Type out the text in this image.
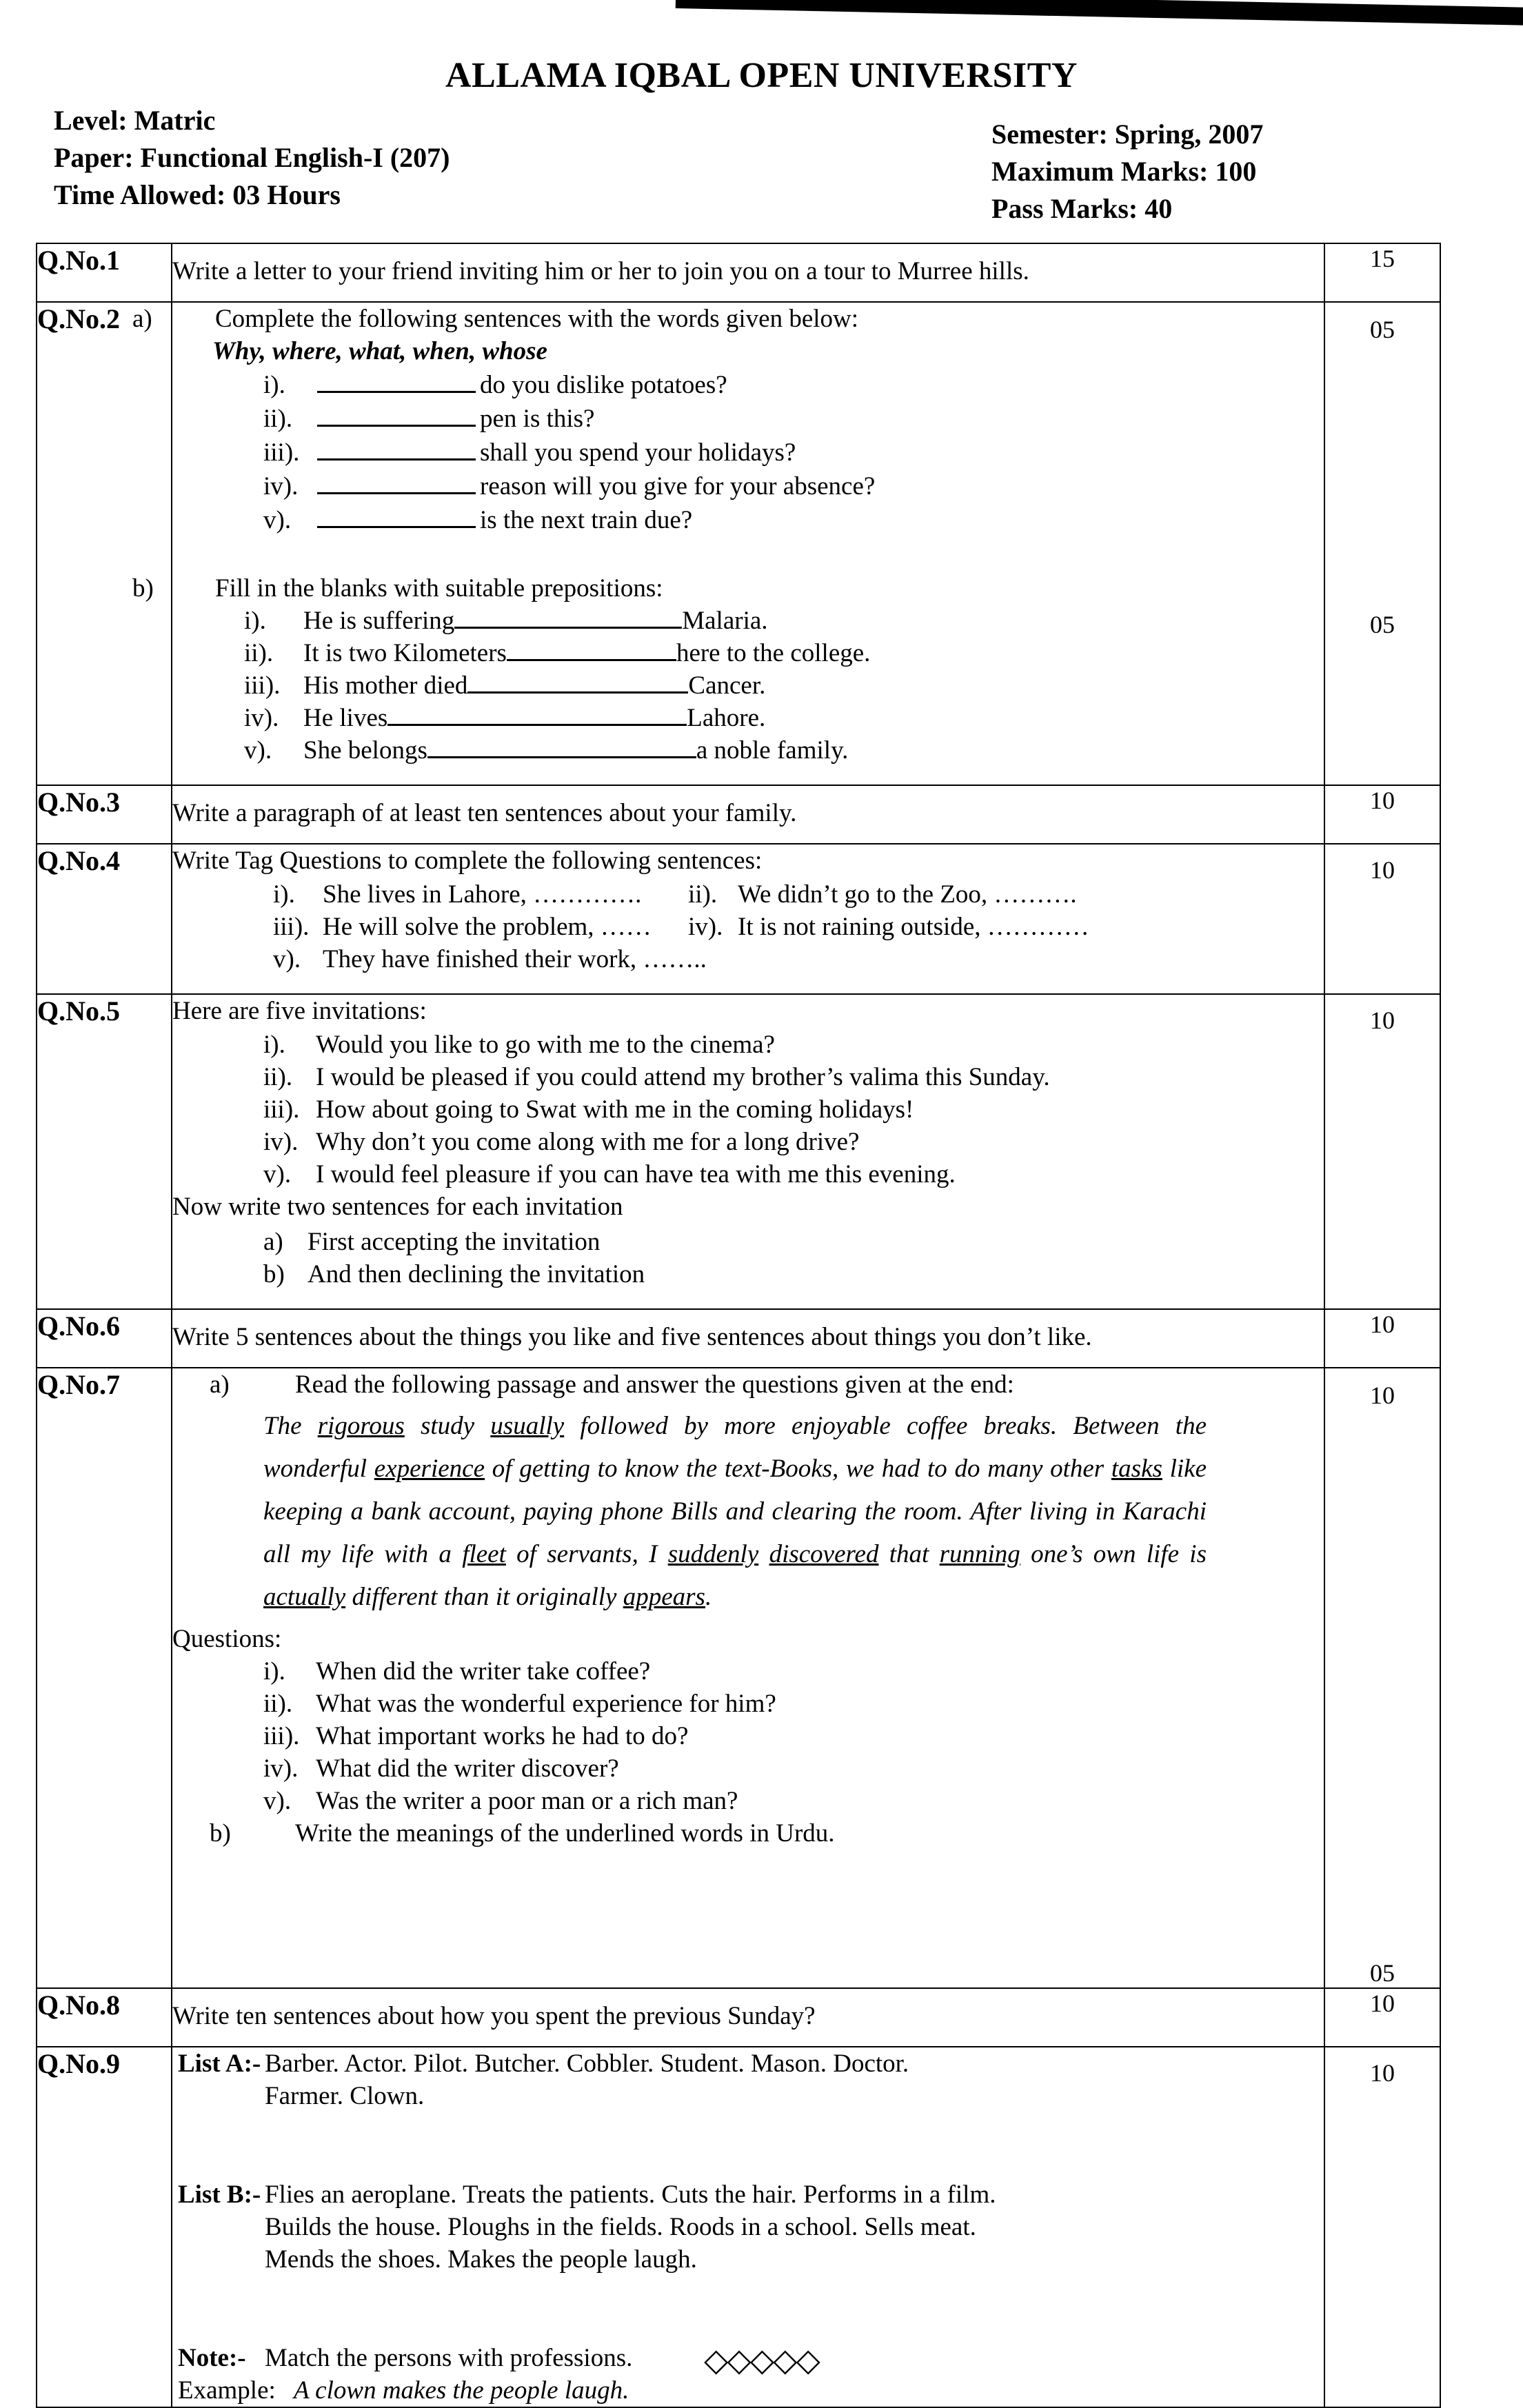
ALLAMA IQBAL OPEN UNIVERSITY
Level: Matric
Paper: Functional English-I (207)
Time Allowed: 03 Hours
Semester: Spring, 2007
Maximum Marks: 100
Pass Marks: 40
Q.No.1	Write a letter to your friend inviting him or her to join you on a tour to Murree hills.	15
Q.No.2	a) Complete the following sentences with the words given below:
Why, where, what, when, whose
i).	do you dislike potatoes?
ii).	pen is this?
iii).	shall you spend your holidays?
iv).	reason will you give for your absence?
v).	is the next train due?
b) Fill in the blanks with suitable prepositions:
i). He is suffering	Malaria.
ii). It is two Kilometers	here to the college.
iii). His mother died	Cancer.
iv). He lives	Lahore.
v). She belongs	a noble family.

05
05

Q.No.3	Write a paragraph of at least ten sentences about your family.	10
Q.No.4	Write Tag Questions to complete the following sentences:
i). She lives in Lahore, …………. ii). We didn’t go to the Zoo, ……….
iii). He will solve the problem, …… iv). It is not raining outside, …………
v). They have finished their work, ……..	10
Q.No.5	Here are five invitations:
i). Would you like to go with me to the cinema?
ii). I would be pleased if you could attend my brother’s valima this Sunday.
iii). How about going to Swat with me in the coming holidays!
iv). Why don’t you come along with me for a long drive?
v). I would feel pleasure if you can have tea with me this evening.
Now write two sentences for each invitation
a) First accepting the invitation
b) And then declining the invitation
	10
Q.No.6	Write 5 sentences about the things you like and five sentences about things you don’t like.	10
Q.No.7	a)	Read the following passage and answer the questions given at the end:
The rigorous study usually followed by more enjoyable coffee breaks. Between the wonderful experience of getting to know the text-Books, we had to do many other tasks like keeping a bank account, paying phone Bills and clearing the room. After living in Karachi all my life with a fleet of servants, I suddenly discovered that running one’s own life is actually different than it originally appears.
Questions:
i). When did the writer take coffee?
ii). What was the wonderful experience for him?
iii). What important works he had to do?
iv). What did the writer discover?
v). Was the writer a poor man or a rich man?
b)	Write the meanings of the underlined words in Urdu.

10
05

Q.No.8	Write ten sentences about how you spent the previous Sunday?	10
Q.No.9	List A:- Barber. Actor. Pilot. Butcher. Cobbler. Student. Mason. Doctor.
Farmer. Clown.
List B:- Flies an aeroplane. Treats the patients. Cuts the hair. Performs in a film.
Builds the house. Ploughs in the fields. Roods in a school. Sells meat.
Mends the shoes. Makes the people laugh.
Note:- Match the persons with professions.
Example: A clown makes the people laugh.
	10
◇◇◇◇◇
